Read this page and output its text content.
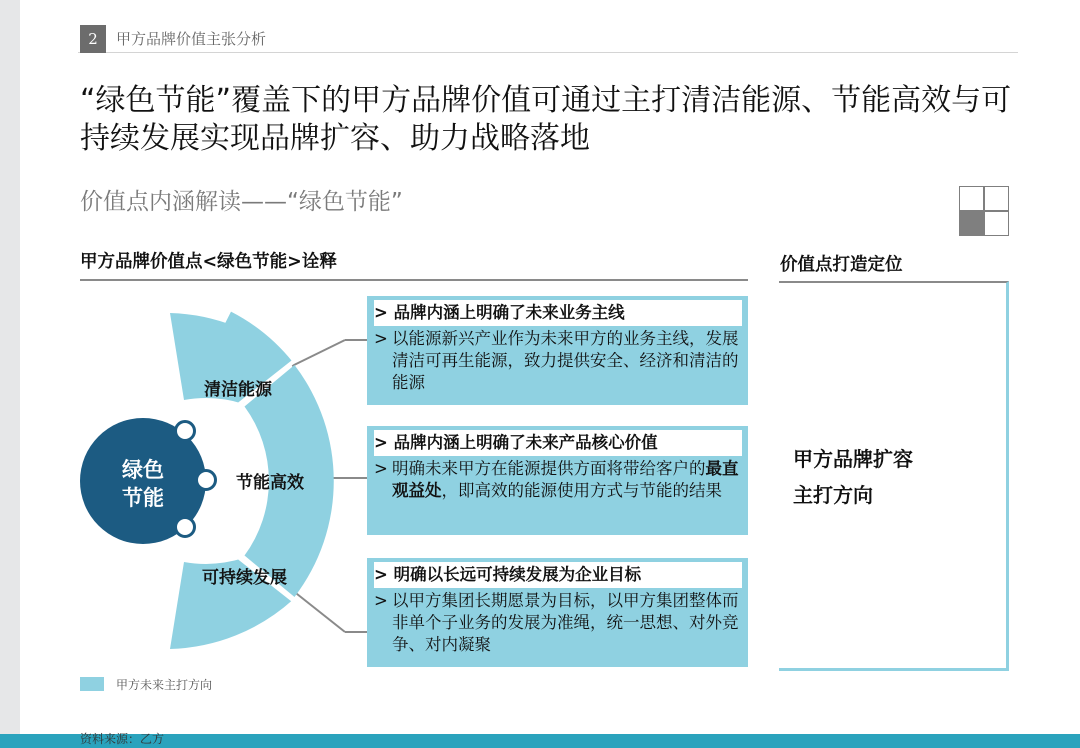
2	甲方品牌价值主张分析
“绿色节能”覆盖下的甲方品牌价值可通过主打清洁能源、节能高效与可持续发展实现品牌扩容、助力战略落地
价值点内涵解读——“绿色节能”
甲方品牌价值点<绿色节能>诠释	价值点打造定位
甲方品牌扩容
主打方向
清洁能源
节能高效
可持续发展
绿色
节能
> 品牌内涵上明确了未来业务主线
> 以能源新兴产业作为未来甲方的业务主线，发展清洁可再生能源，致力提供安全、经济和清洁的能源
> 品牌内涵上明确了未来产品核心价值
> 明确未来甲方在能源提供方面将带给客户的最直观益处，即高效的能源使用方式与节能的结果
> 明确以长远可持续发展为企业目标
> 以甲方集团长期愿景为目标，以甲方集团整体而非单个子业务的发展为准绳，统一思想、对外竞争、对内凝聚
甲方未来主打方向
资料来源：乙方
